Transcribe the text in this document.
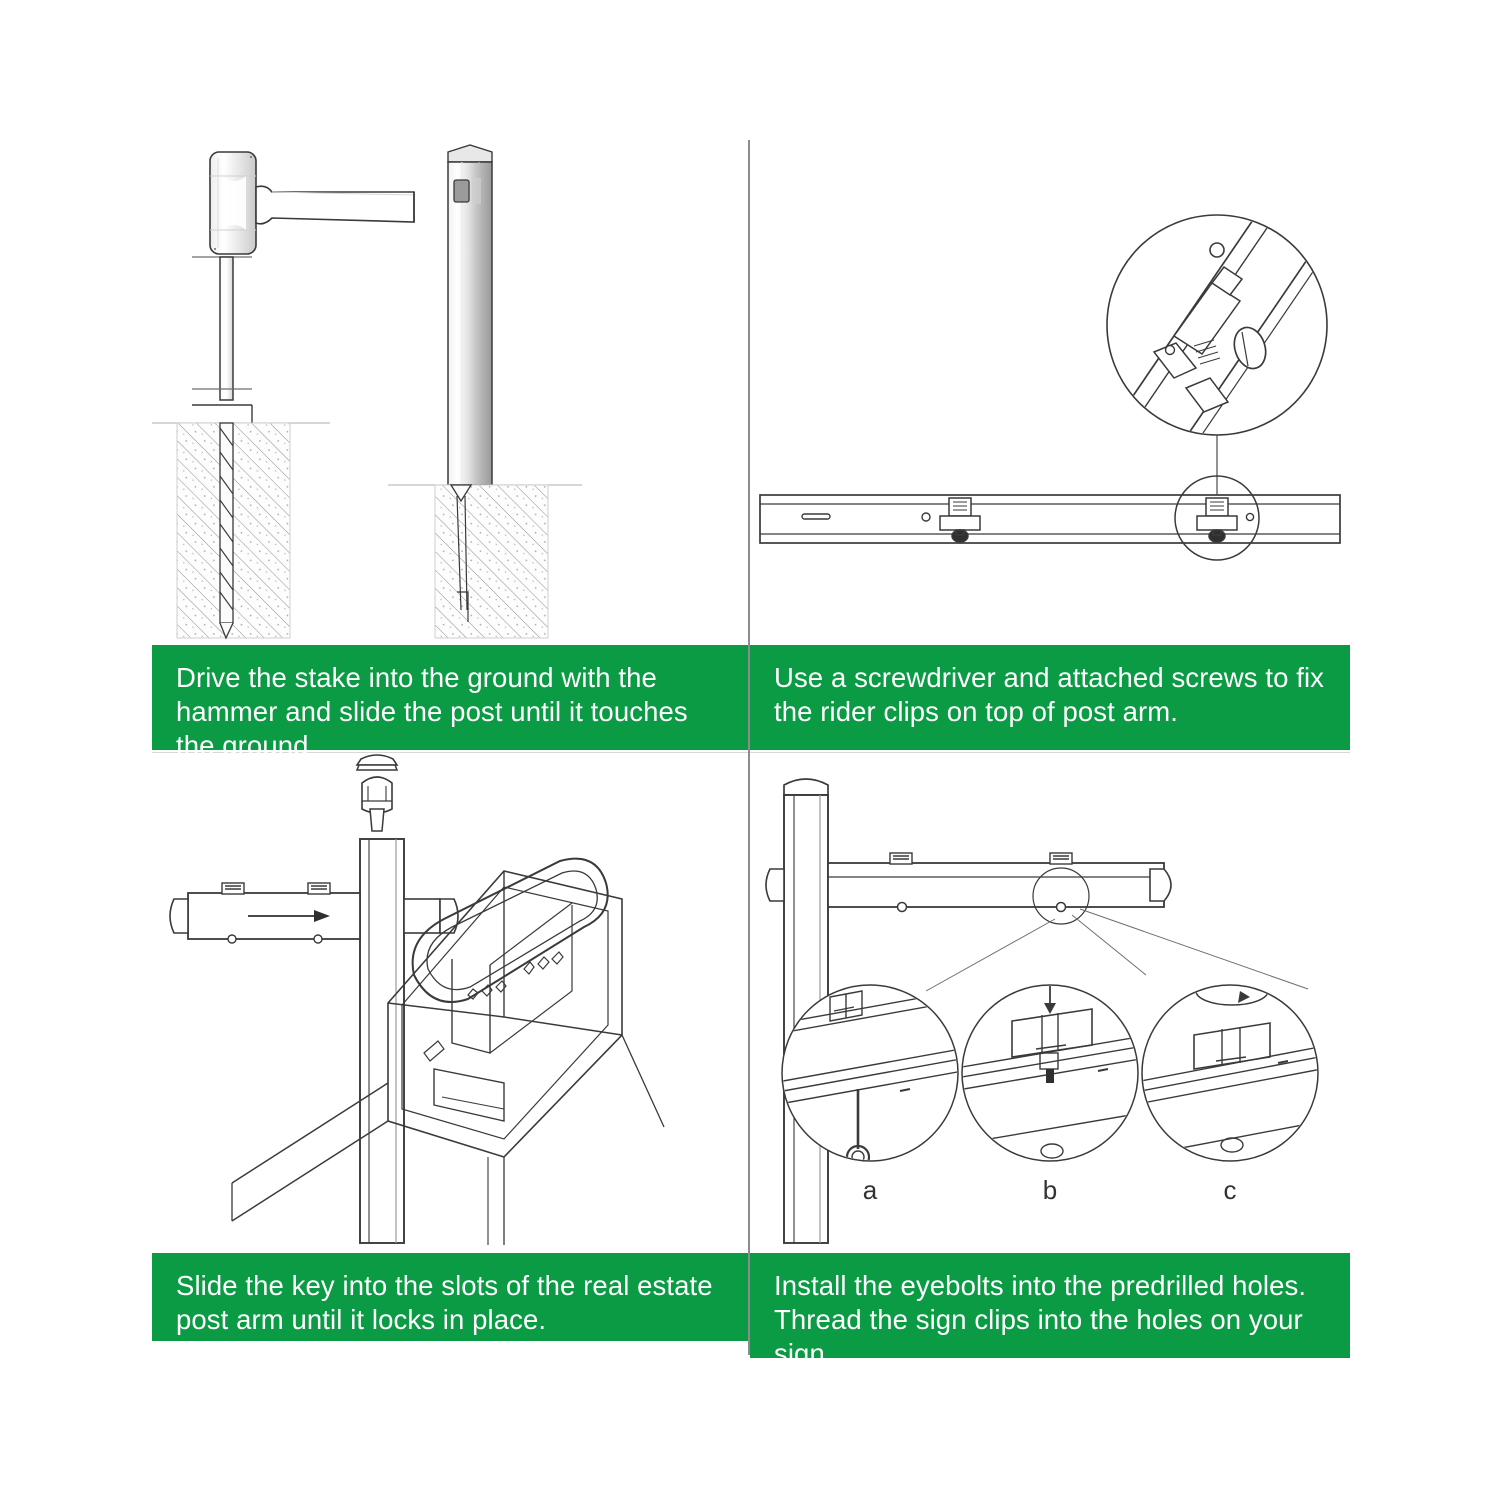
Drive the stake into the ground with the hammer and slide the post until it touches the ground
Use a screwdriver and attached screws to fix the rider clips on top of post arm.
Slide the key into the slots of the real estate post arm until it locks in place.
a	b	c
Install the eyebolts into the predrilled holes. Thread the sign clips into the holes on your sign.
